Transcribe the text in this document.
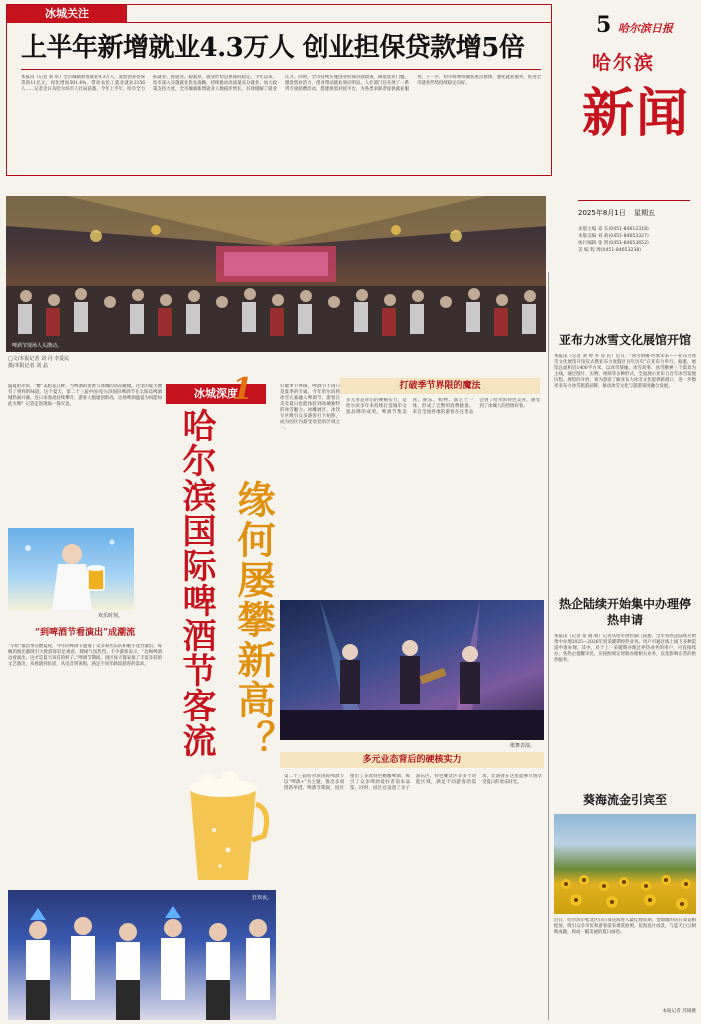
冰城关注
上半年新增就业4.3万人 创业担保贷款增5倍
本报讯（记者 刘 卓）全市城镇新增就业4.3万人，发放创业担保贷款11亿元，同比增加501.4%，带动农民工就业就业2156人……记者近日从哈尔滨市人社局获悉，今年上半年，哈市全力抓就业、促就业、稳就业，就业形势总体保持稳定。今年以来，哈市深入实施就业优先战略，持续推动高质量充分就业，加大政策支持力度，全市城镇新增就业人数稳步增长，有效缓解了就业压力。同时，全市持续实施创业担保贷款政策，降低创业门槛，激发创业活力，创业带动就业效应明显。人社部门还开展了一系列专项招聘活动，搭建供需对接平台，为各类求职者提供就业服务。下一步，哈市将继续聚焦重点群体，强化就业服务，促进全市就业形势持续稳定向好。
5 哈尔滨日报
哈尔滨
新闻
2025年8月1日 星期五
本版主编 姜 东(0451-84612318)
本版美编 刘 莉(0451-84653327)
执行编辑 张 明(0451-84653652)
美 编 程 博(0451-84653238)
啤酒节现场人头攒动。	亚布力冰雪文化展馆开馆
本报讯（记者 刘 婷 李 显 民）近日，“冰雪情缘·传承未来——亚布力冰雪文化展馆开馆仪式暨亚布力度假区百年历史”在亚布力举行。据悉，展馆总面积近1400平方米，以冰雪情缘、冰雪故事、冰雪精神三个篇章为主线，通过图片、实物、视频等多种形式，全面展示亚布力百年冰雪发展历程。展馆的开放，将为游客了解亚布力冰雪文化提供新窗口，进一步擦亮亚布力冰雪旅游品牌，推动冰雪文化与旅游深度融合发展。
热企陆续开始集中办理停热申请
本报讯（记者 张 晓 娟）记者从哈市供热部门获悉，全市各热企陆续开始集中办理2025—2026年度采暖期停热业务。用户可通过线上线下多种渠道申请办理。其中，对于上一采暖期办理过停热业务的用户，可直接续办。各热企提醒市民，应按照规定时限办理相关业务，以免影响正常的供热服务。
葵海流金引宾至
近日，哈尔滨市松北区向日葵花海进入最佳观赏期，金灿灿的向日葵竞相绽放，吸引众多市民和游客前来观赏拍照。花海连片成景，与蓝天白云相映成趣，构成一幅美丽的夏日画卷。
本报记者 苏锡摄
□文/本报记者 刘 丹 李爱民
摄/本报记者 刘 晶
冰城深度
1
盛夏哈尔滨，“醉”美松花江畔。当啤酒的麦香与冰城的清凉碰撞，这里的夏天便有了别样的味道。这个夏天，第二十三届中国·哈尔滨国际啤酒节在太阳岛啤酒城热闹开幕，连日来客流持续攀升，游客人数屡创新高。这场啤酒盛宴为何能如此火爆？记者走进现场一探究竟。
欢乐时刻。
“到啤酒节看演出”成潮流
“小哈”演出季点燃夏夜，今年的啤酒节邀请了众多知名乐队和歌手登台演出，每晚的演出都吸引大批游客驻足观看，现场气氛热烈。不少游客表示，“边喝啤酒边看演出，这才是夏天该有的样子。”啤酒节期间，园区每天都安排了丰富多彩的文艺演出，从摇滚到民谣，从电音到说唱，满足不同年龄段游客的需求。 哈尔滨国际啤酒节客流 缘何屡攀新高？
打破季节界限，啤酒节不再只是夏季的专属。今年哈尔滨将冰雪元素融入啤酒节，游客在炎炎夏日也能体验到冰城独特的冰雪魅力。冰雕展区、冰饮专区吸引众多游客打卡拍照，成为园区内最受欢迎的区域之一。
打破季节界限的魔法
多元业态背后的硬核实力，是哈尔滨多年来持续打造城市文旅品牌的成果。啤酒节集美食、娱乐、购物、演艺于一体，形成了完整的消费链条。来自全国各地的游客在这里品尝到了哈尔滨特色美食，感受到了冰城人的热情好客。
歌舞表演。
多元业态背后的硬核实力
第二十三届哈尔滨国际啤酒节以“啤酒+”为主题，推出多项创新举措。啤酒节期间，园区推出了多款特色精酿啤酒，吸引了众多啤酒爱好者前来品鉴。同时，园区还设置了亲子游乐区、特色餐饮区等多个功能区域，满足不同游客的需求，让游客在这里能够尽情享受夏日的欢乐时光。
狂欢夜。
